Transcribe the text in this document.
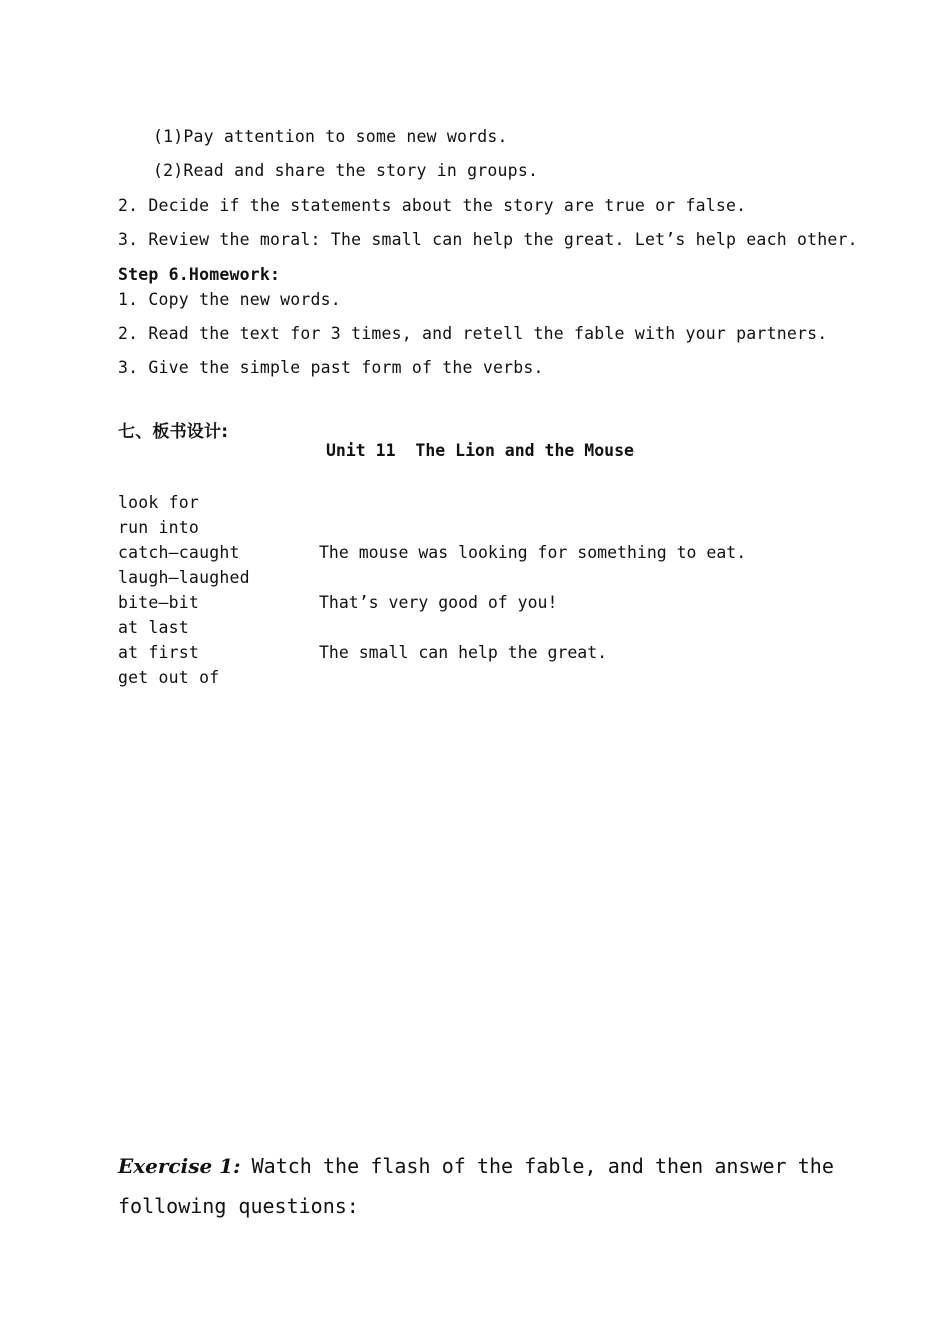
(1)Pay attention to some new words.
(2)Read and share the story in groups.
2. Decide if the statements about the story are true or false.
3. Review the moral: The small can help the great. Let’s help each other.
Step 6.Homework:
1. Copy the new words.
2. Read the text for 3 times, and retell the fable with your partners.
3. Give the simple past form of the verbs.
七、板书设计:
Unit 11  The Lion and the Mouse
look for
run into
catch—caught
laugh—laughed
bite—bit
at last
at first
get out of
The mouse was looking for something to eat.
That’s very good of you!
The small can help the great.
Exercise 1: Watch the flash of the fable, and then answer the
following questions:
